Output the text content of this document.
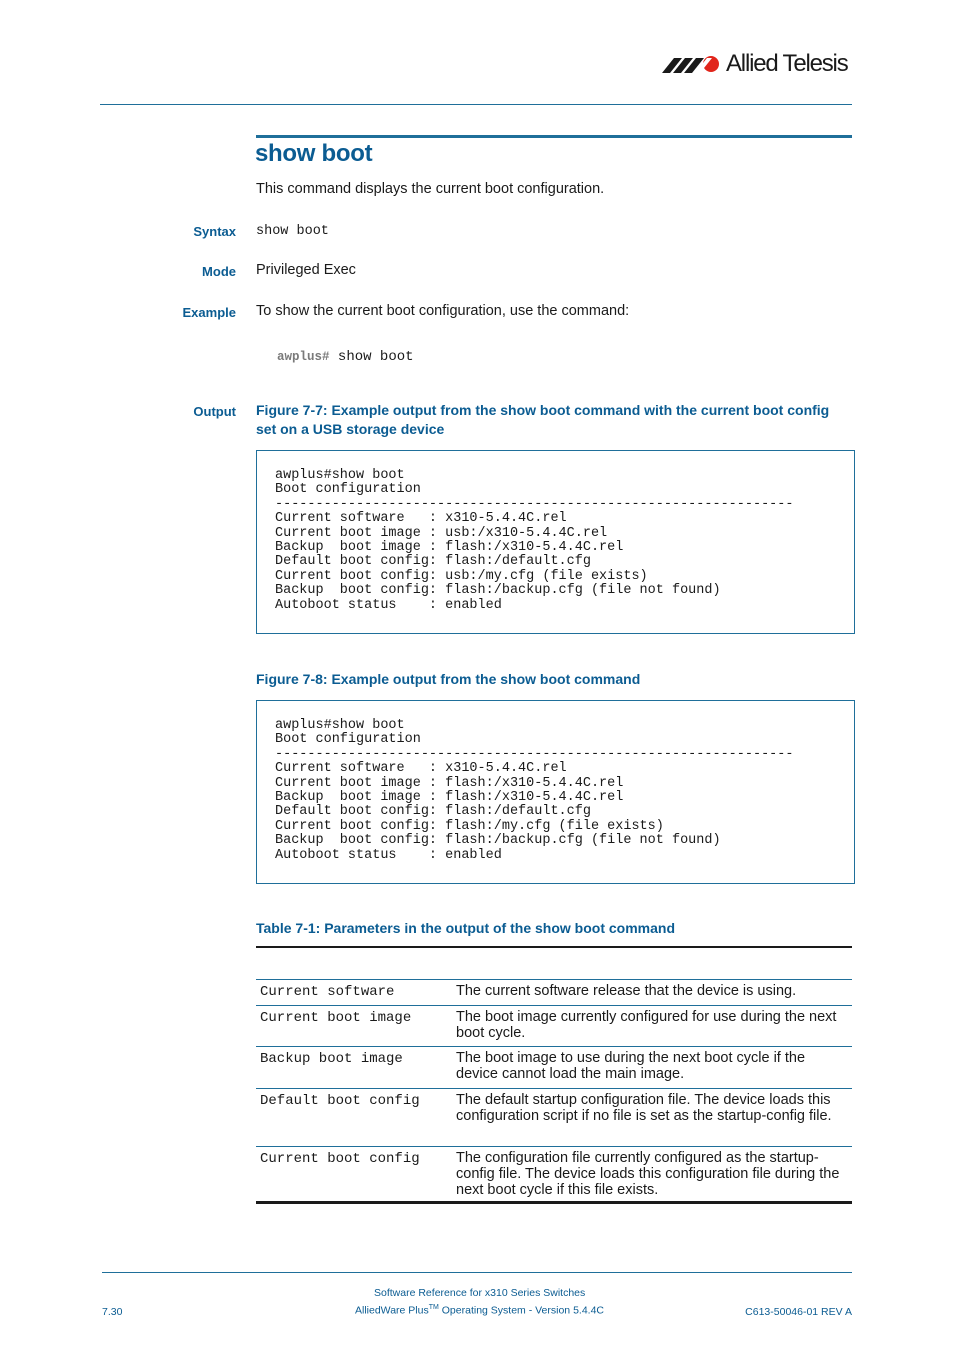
Allied Telesis
show boot

This command displays the current boot configuration.

Syntax show boot
Mode Privileged Exec

Example To show the current boot configuration, use the command:

awplus# show boot
Output Figure 7-7: Example output from the show boot command with the current boot config set on a USB storage device
awplus#show boot
Boot configuration
----------------------------------------------------------------
Current software   : x310-5.4.4C.rel
Current boot image : usb:/x310-5.4.4C.rel
Backup  boot image : flash:/x310-5.4.4C.rel
Default boot config: flash:/default.cfg
Current boot config: usb:/my.cfg (file exists)
Backup  boot config: flash:/backup.cfg (file not found)
Autoboot status    : enabled
Figure 7-8: Example output from the show boot command
awplus#show boot
Boot configuration
----------------------------------------------------------------
Current software   : x310-5.4.4C.rel
Current boot image : flash:/x310-5.4.4C.rel
Backup  boot image : flash:/x310-5.4.4C.rel
Default boot config: flash:/default.cfg
Current boot config: flash:/my.cfg (file exists)
Backup  boot config: flash:/backup.cfg (file not found)
Autoboot status    : enabled
Table 7-1: Parameters in the output of the show boot command
Current software	The current software release that the device is using.
Current boot image	The boot image currently configured for use during the next boot cycle.
Backup boot image	The boot image to use during the next boot cycle if the device cannot load the main image.
Default boot config	The default startup configuration file. The device loads this configuration script if no file is set as the startup-config file.
Current boot config	The configuration file currently configured as the startup-config file. The device loads this configuration file during the next boot cycle if this file exists.
Software Reference for x310 Series Switches
AlliedWare Plus™ Operating System - Version 5.4.4C
7.30	C613-50046-01 REV A
